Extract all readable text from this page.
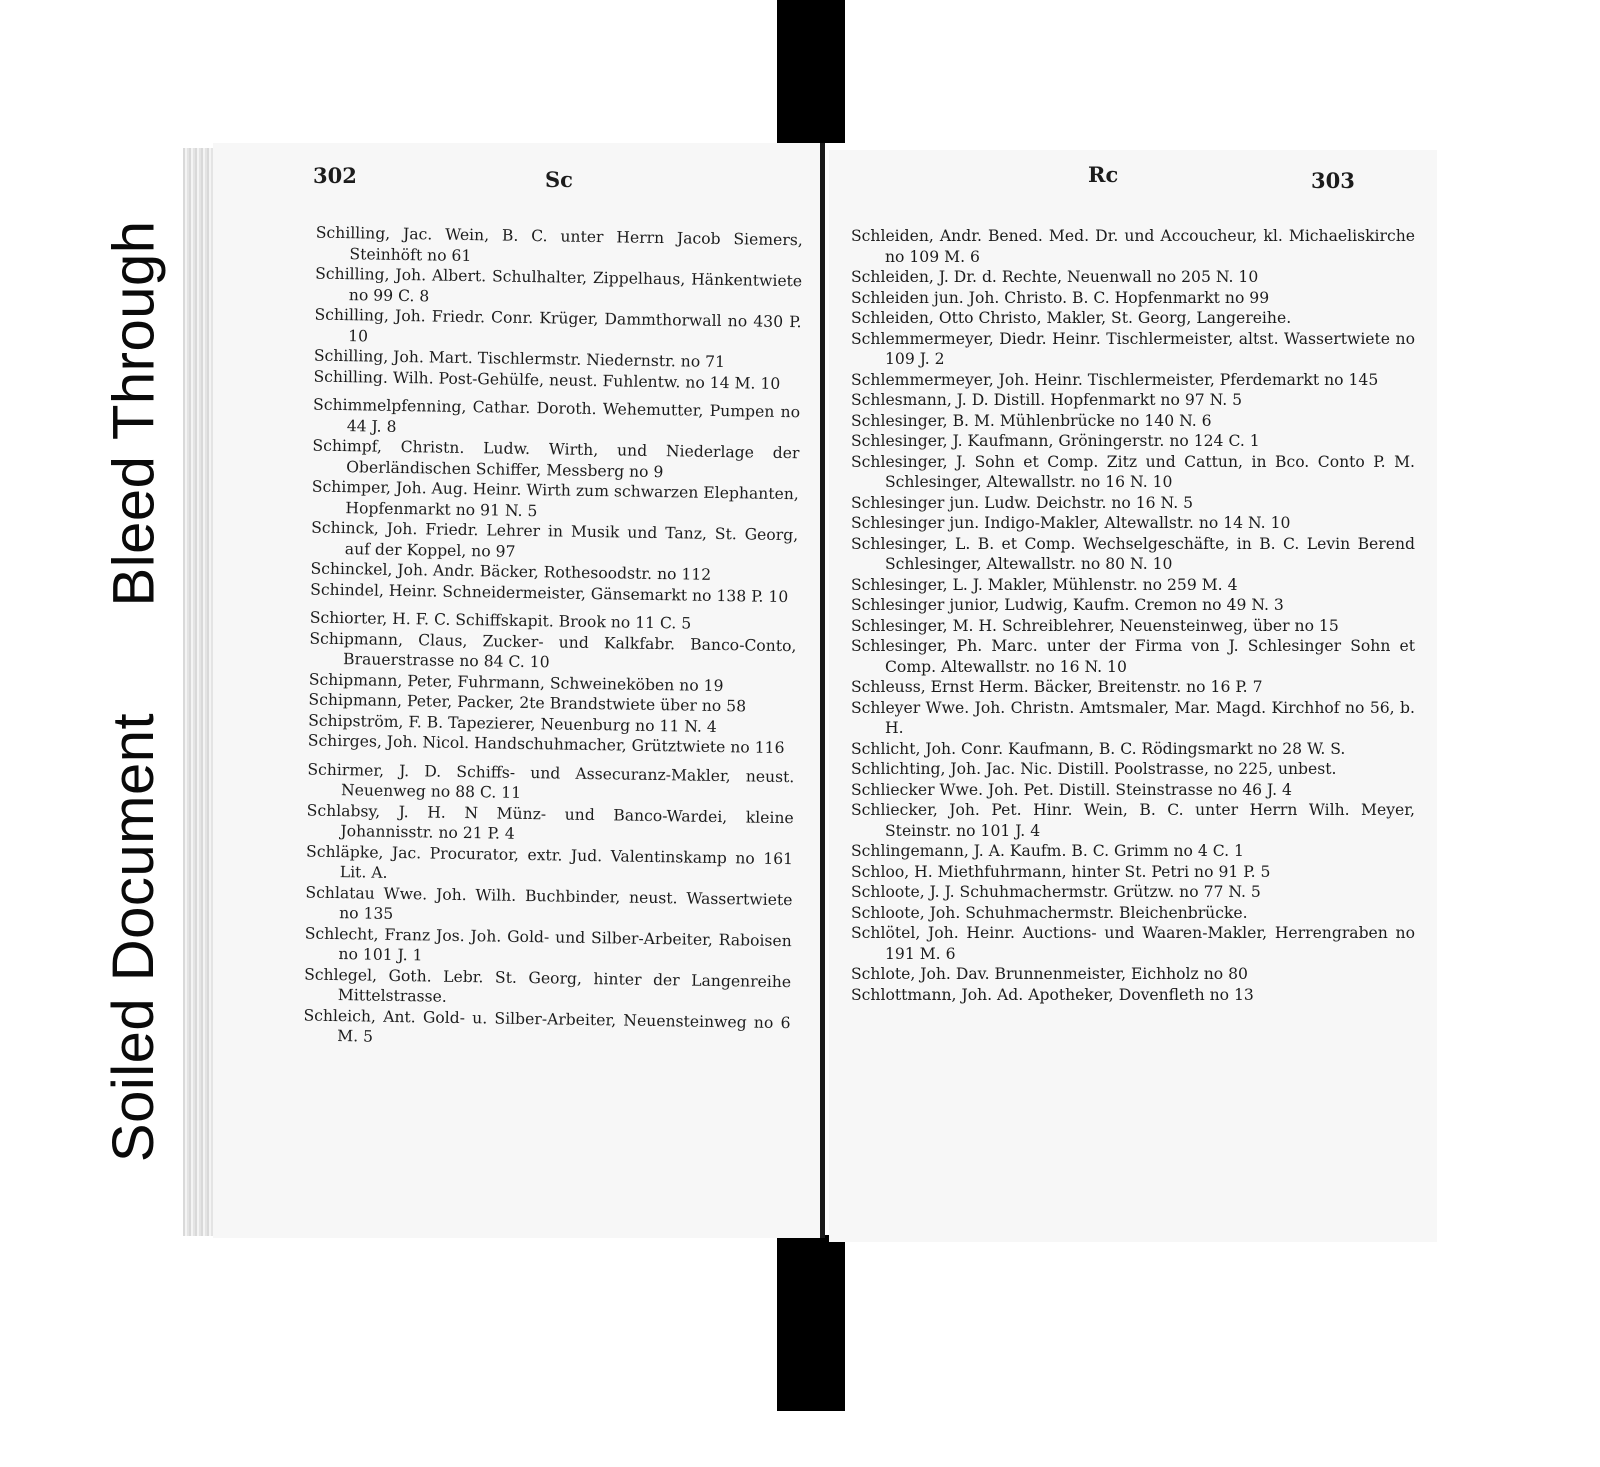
Bleed Through
Soiled Document
302	Sc
Schilling, Jac. Wein, B. C. unter Herrn Jacob Siemers, Steinhöft no 61
Schilling, Joh. Albert. Schulhalter, Zippelhaus, Hänkentwiete no 99 C. 8
Schilling, Joh. Friedr. Conr. Krüger, Dammthorwall no 430 P. 10
Schilling, Joh. Mart. Tischlermstr. Niedernstr. no 71
Schilling. Wilh. Post-Gehülfe, neust. Fuhlentw. no 14 M. 10
Schimmelpfenning, Cathar. Doroth. Wehemutter, Pumpen no 44 J. 8
Schimpf, Christn. Ludw. Wirth, und Niederlage der Oberländischen Schiffer, Messberg no 9
Schimper, Joh. Aug. Heinr. Wirth zum schwarzen Elephanten, Hopfenmarkt no 91 N. 5
Schinck, Joh. Friedr. Lehrer in Musik und Tanz, St. Georg, auf der Koppel, no 97
Schinckel, Joh. Andr. Bäcker, Rothesoodstr. no 112
Schindel, Heinr. Schneidermeister, Gänsemarkt no 138 P. 10
Schiorter, H. F. C. Schiffskapit. Brook no 11 C. 5
Schipmann, Claus, Zucker- und Kalkfabr. Banco-Conto, Brauerstrasse no 84 C. 10
Schipmann, Peter, Fuhrmann, Schweineköben no 19
Schipmann, Peter, Packer, 2te Brandstwiete über no 58
Schipström, F. B. Tapezierer, Neuenburg no 11 N. 4
Schirges, Joh. Nicol. Handschuhmacher, Grütztwiete no 116
Schirmer, J. D. Schiffs- und Assecuranz-Makler, neust. Neuenweg no 88 C. 11
Schlabsy, J. H. N Münz- und Banco-Wardei, kleine Johannisstr. no 21 P. 4
Schläpke, Jac. Procurator, extr. Jud. Valentinskamp no 161 Lit. A.
Schlatau Wwe. Joh. Wilh. Buchbinder, neust. Wassertwiete no 135
Schlecht, Franz Jos. Joh. Gold- und Silber-Arbeiter, Raboisen no 101 J. 1
Schlegel, Goth. Lebr. St. Georg, hinter der Langenreihe Mittelstrasse.
Schleich, Ant. Gold- u. Silber-Arbeiter, Neuensteinweg no 6 M. 5
Rc	303
Schleiden, Andr. Bened. Med. Dr. und Accoucheur, kl. Michaeliskirche no 109 M. 6
Schleiden, J. Dr. d. Rechte, Neuenwall no 205 N. 10
Schleiden jun. Joh. Christo. B. C. Hopfenmarkt no 99
Schleiden, Otto Christo, Makler, St. Georg, Langereihe.
Schlemmermeyer, Diedr. Heinr. Tischlermeister, altst. Wassertwiete no 109 J. 2
Schlemmermeyer, Joh. Heinr. Tischlermeister, Pferdemarkt no 145
Schlesmann, J. D. Distill. Hopfenmarkt no 97 N. 5
Schlesinger, B. M. Mühlenbrücke no 140 N. 6
Schlesinger, J. Kaufmann, Gröningerstr. no 124 C. 1
Schlesinger, J. Sohn et Comp. Zitz und Cattun, in Bco. Conto P. M. Schlesinger, Altewallstr. no 16 N. 10
Schlesinger jun. Ludw. Deichstr. no 16 N. 5
Schlesinger jun. Indigo-Makler, Altewallstr. no 14 N. 10
Schlesinger, L. B. et Comp. Wechselgeschäfte, in B. C. Levin Berend Schlesinger, Altewallstr. no 80 N. 10
Schlesinger, L. J. Makler, Mühlenstr. no 259 M. 4
Schlesinger junior, Ludwig, Kaufm. Cremon no 49 N. 3
Schlesinger, M. H. Schreiblehrer, Neuensteinweg, über no 15
Schlesinger, Ph. Marc. unter der Firma von J. Schlesinger Sohn et Comp. Altewallstr. no 16 N. 10
Schleuss, Ernst Herm. Bäcker, Breitenstr. no 16 P. 7
Schleyer Wwe. Joh. Christn. Amtsmaler, Mar. Magd. Kirchhof no 56, b. H.
Schlicht, Joh. Conr. Kaufmann, B. C. Rödingsmarkt no 28 W. S.
Schlichting, Joh. Jac. Nic. Distill. Poolstrasse, no 225, unbest.
Schliecker Wwe. Joh. Pet. Distill. Steinstrasse no 46 J. 4
Schliecker, Joh. Pet. Hinr. Wein, B. C. unter Herrn Wilh. Meyer, Steinstr. no 101 J. 4
Schlingemann, J. A. Kaufm. B. C. Grimm no 4 C. 1
Schloo, H. Miethfuhrmann, hinter St. Petri no 91 P. 5
Schloote, J. J. Schuhmachermstr. Grützw. no 77 N. 5
Schloote, Joh. Schuhmachermstr. Bleichenbrücke.
Schlötel, Joh. Heinr. Auctions- und Waaren-Makler, Herrengraben no 191 M. 6
Schlote, Joh. Dav. Brunnenmeister, Eichholz no 80
Schlottmann, Joh. Ad. Apotheker, Dovenfleth no 13
